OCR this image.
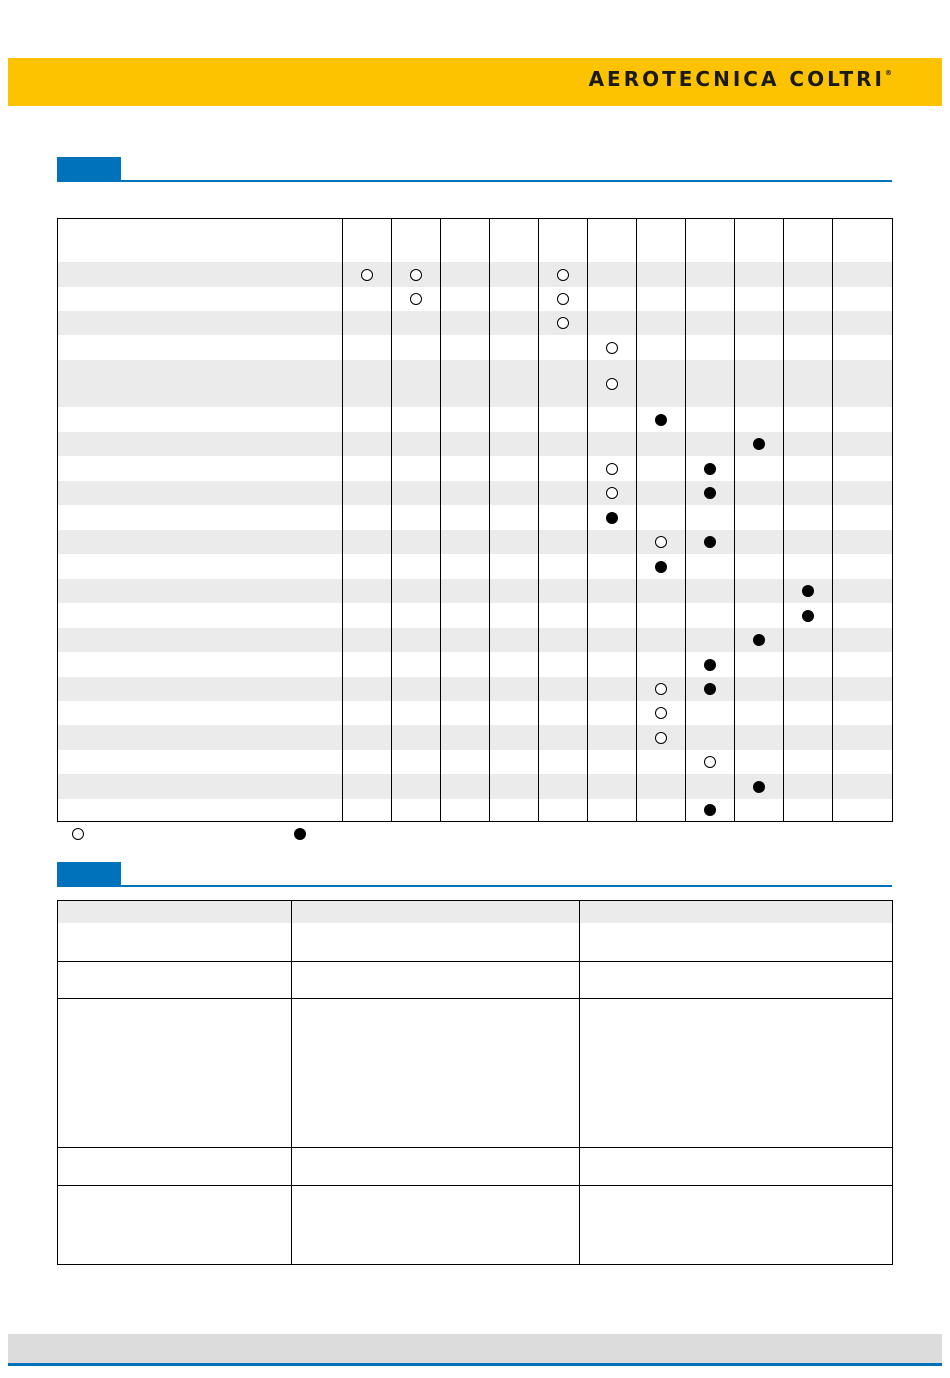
AEROTECNICA COLTRI®
